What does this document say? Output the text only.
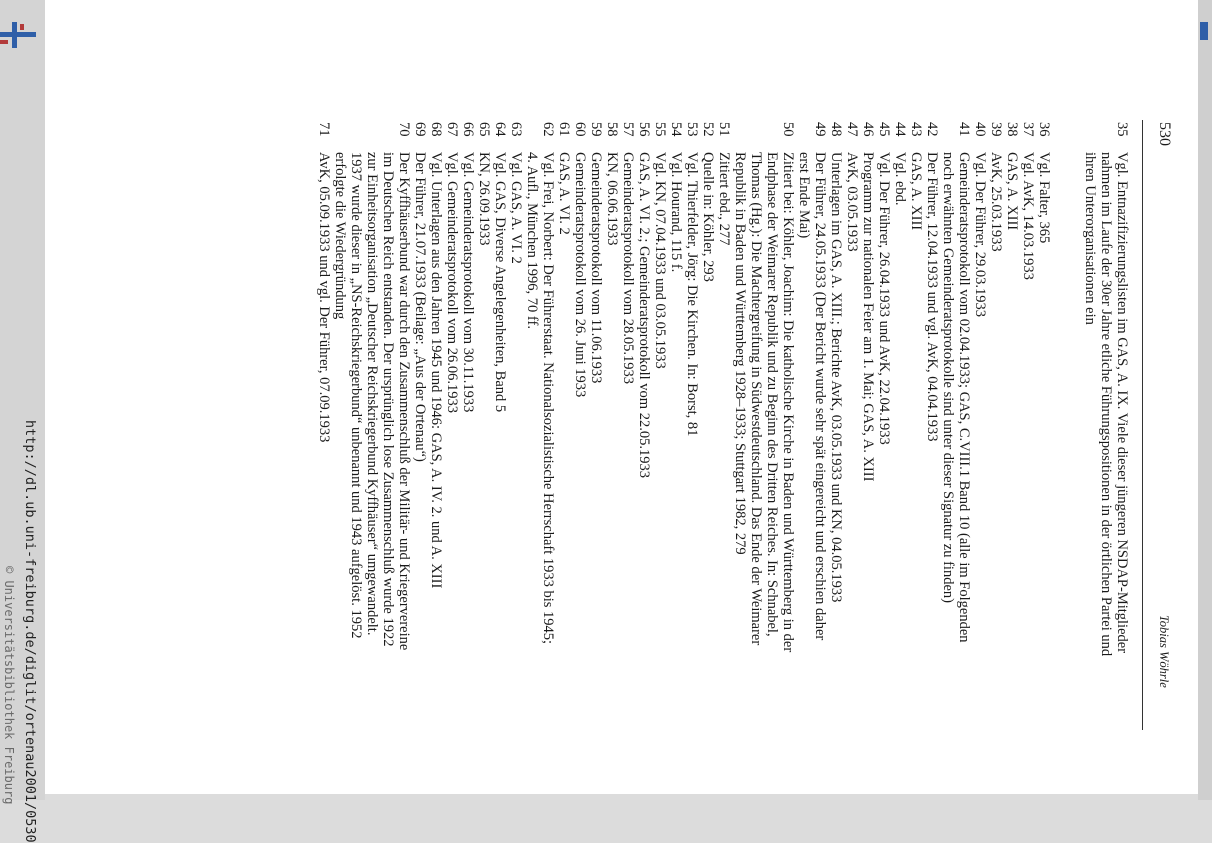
530
Tobias Wöhrle
35
Vgl. Entnazifizierungslisten im GAS, A. IX. Viele dieser jüngeren NSDAP-Mitglieder
nahmen im Laufe der 30er Jahre etliche Führungspositionen in der örtlichen Partei und
ihren Unterorganisationen ein
36
Vgl. Falter, 365
37
Vgl. AvK, 14.03.1933
38
GAS, A. XIII
39
AvK, 25.03.1933
40
Vgl. Der Führer, 29.03.1933
41
Gemeinderatsprotokoll vom 02.04.1933; GAS, C.VIII.1 Band 10 (alle im Folgenden
noch erwähnten Gemeinderatsprotokolle sind unter dieser Signatur zu finden)
42
Der Führer, 12.04.1933 und vgl. AvK, 04.04.1933
43
GAS, A. XIII
44
Vgl. ebd.
45
Vgl. Der Führer, 26.04.1933 und AvK, 22.04.1933
46
Programm zur nationalen Feier am 1. Mai; GAS, A. XIII
47
AvK, 03.05.1933
48
Unterlagen im GAS, A. XIII.; Berichte AvK, 03.05.1933 und KN, 04.05.1933
49
Der Führer, 24.05.1933 (Der Bericht wurde sehr spät eingereicht und erschien daher
erst Ende Mai)
50
Zitiert bei: Köhler, Joachim: Die katholische Kirche in Baden und Württemberg in der
Endphase der Weimarer Republik und zu Beginn des Dritten Reiches. In: Schnabel,
Thomas (Hg.): Die Machtergreifung in Südwestdeutschland. Das Ende der Weimarer
Republik in Baden und Württemberg 1928–1933; Stuttgart 1982, 279
51
Zitiert ebd., 277
52
Quelle in: Köhler, 293
53
Vgl. Thierfelder, Jörg: Die Kirchen. In: Borst, 81
54
Vgl. Hourand, 115 f.
55
Vgl. KN, 07.04.1933 und 03.05.1933
56
GAS, A. VI. 2.; Gemeinderatsprotokoll vom 22.05.1933
57
Gemeinderatsprotokoll vom 28.05.1933
58
KN, 06.06.1933
59
Gemeinderatsprotokoll vom 11.06.1933
60
Gemeinderatsprotokoll vom 26. Juni 1933
61
GAS, A. VI. 2
62
Vgl. Frei, Norbert: Der Führerstaat. Nationalsozialistische Herrschaft 1933 bis 1945;
4. Aufl., München 1996, 70 ff.
63
Vgl. GAS, A. VI. 2
64
Vgl. GAS, Diverse Angelegenheiten, Band 5
65
KN, 26.09.1933
66
Vgl. Gemeinderatsprotokoll vom 30.11.1933
67
Vgl. Gemeinderatsprotokoll vom 26.06.1933
68
Vgl. Unterlagen aus den Jahren 1945 und 1946: GAS, A. IV. 2. und A. XIII
69
Der Führer, 21.07.1933 (Beilage: „Aus der Ortenau“)
70
Der Kyffhäuserbund war durch den Zusammenschluß der Militär- und Kriegervereine
im Deutschen Reich entstanden. Der ursprünglich lose Zusammenschluß wurde 1922
zur Einheitsorganisation „Deutscher Reichskriegerbund Kyffhäuser“ umgewandelt.
1937 wurde dieser in „NS-Reichskriegerbund“ unbenannt und 1943 aufgelöst. 1952
erfolgte die Wiedergründung
71
AvK, 05.09.1933 und vgl. Der Führer, 07.09.1933
http://dl.ub.uni-freiburg.de/diglit/ortenau2001/0530
© Universitätsbibliothek Freiburg
